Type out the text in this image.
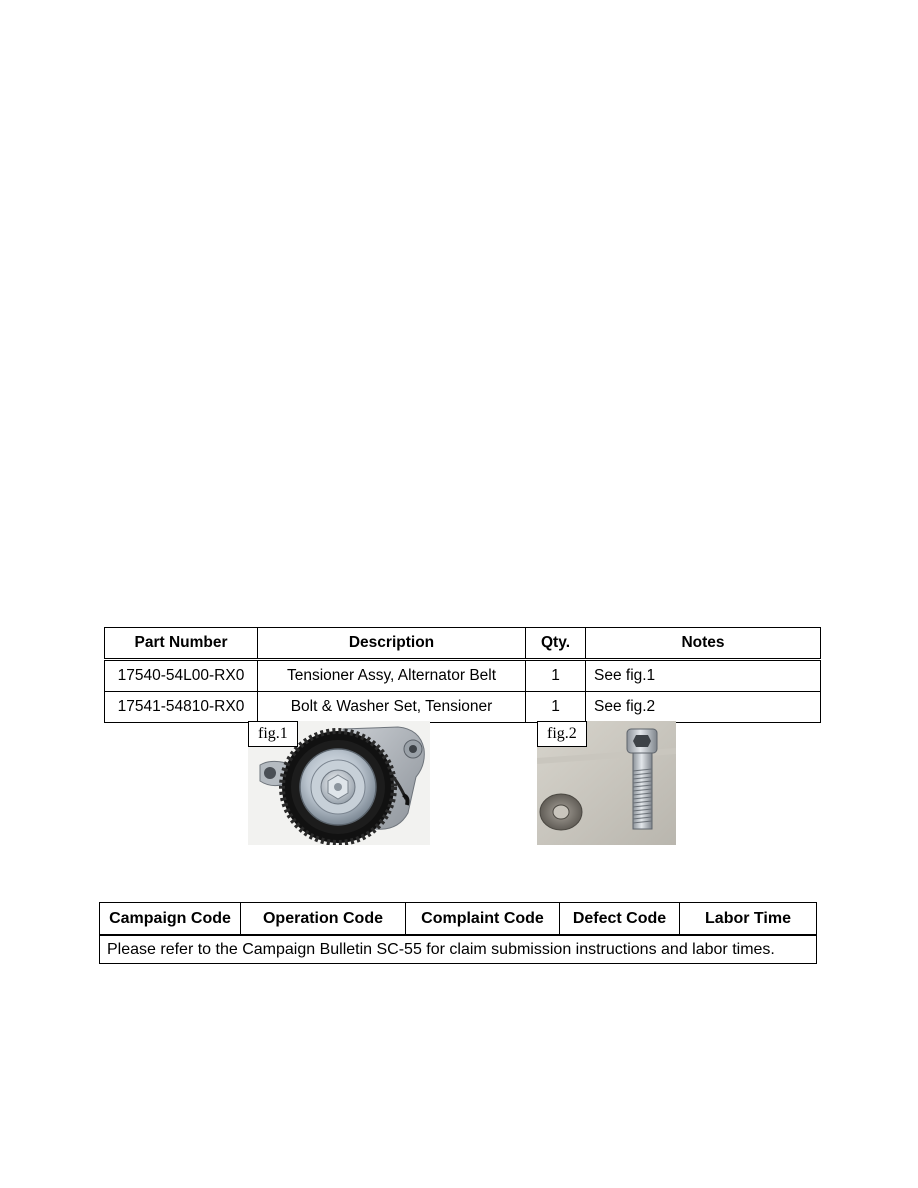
Part Number	Description	Qty.	Notes
17540-54L00-RX0	Tensioner Assy, Alternator Belt	1	See fig.1
17541-54810-RX0	Bolt & Washer Set, Tensioner	1	See fig.2
fig.1	fig.2
Campaign Code	Operation Code	Complaint Code	Defect Code	Labor Time
Please refer to the Campaign Bulletin SC-55 for claim submission instructions and labor times.
